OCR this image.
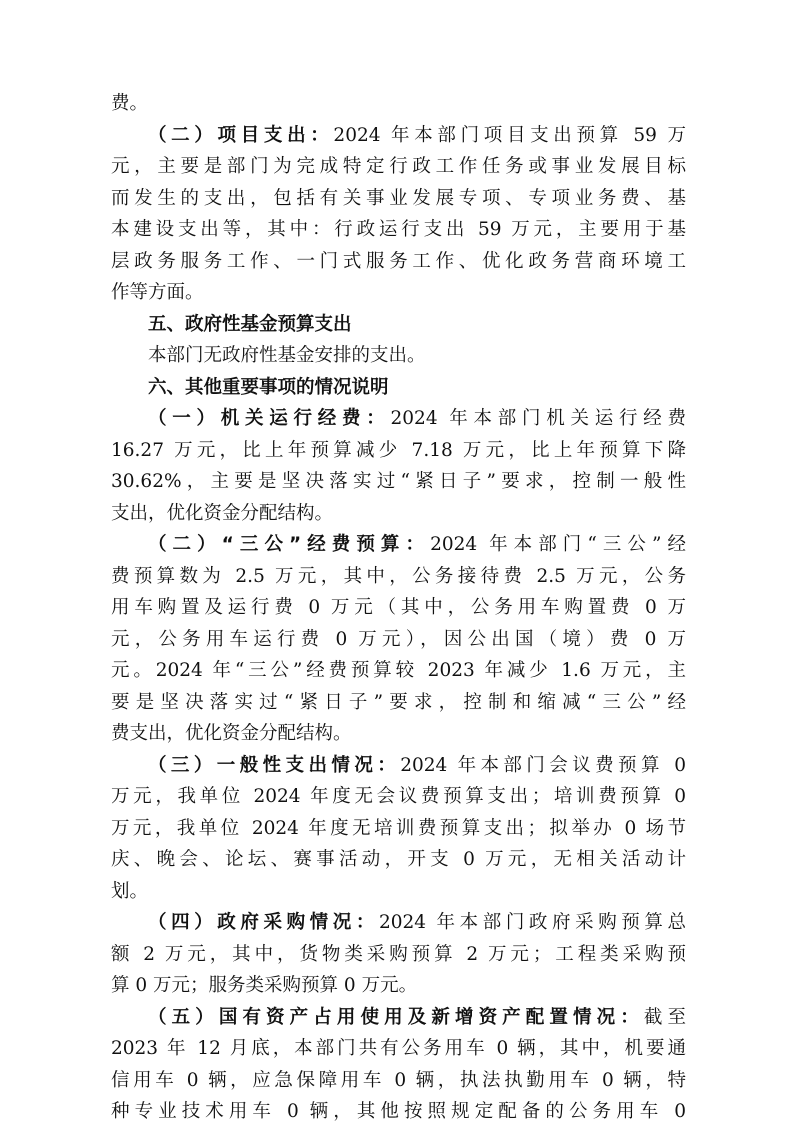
费。
（二）项目支出：2024 年本部门项目支出预算 59 万
元，主要是部门为完成特定行政工作任务或事业发展目标
而发生的支出，包括有关事业发展专项、专项业务费、基
本建设支出等，其中：行政运行支出 59 万元，主要用于基
层政务服务工作、一门式服务工作、优化政务营商环境工
作等方面。
五、政府性基金预算支出
本部门无政府性基金安排的支出。
六、其他重要事项的情况说明
（一）机关运行经费：2024 年本部门机关运行经费
16.27 万元，比上年预算减少 7.18 万元，比上年预算下降
30.62%，主要是坚决落实过“紧日子”要求，控制一般性
支出，优化资金分配结构。
（二）“三公”经费预算：2024 年本部门“三公”经
费预算数为 2.5 万元，其中，公务接待费 2.5 万元，公务
用车购置及运行费 0 万元（其中，公务用车购置费 0 万
元，公务用车运行费 0 万元），因公出国（境）费 0 万
元。2024 年“三公”经费预算较 2023 年减少 1.6 万元，主
要是坚决落实过“紧日子”要求，控制和缩减“三公”经
费支出，优化资金分配结构。
（三）一般性支出情况：2024 年本部门会议费预算 0
万元，我单位 2024 年度无会议费预算支出；培训费预算 0
万元，我单位 2024 年度无培训费预算支出；拟举办 0 场节
庆、晚会、论坛、赛事活动，开支 0 万元，无相关活动计
划。
（四）政府采购情况：2024 年本部门政府采购预算总
额 2 万元，其中，货物类采购预算 2 万元；工程类采购预
算 0 万元；服务类采购预算 0 万元。
（五）国有资产占用使用及新增资产配置情况：截至
2023 年 12 月底，本部门共有公务用车 0 辆，其中，机要通
信用车 0 辆，应急保障用车 0 辆，执法执勤用车 0 辆，特
种专业技术用车 0 辆，其他按照规定配备的公务用车 0
